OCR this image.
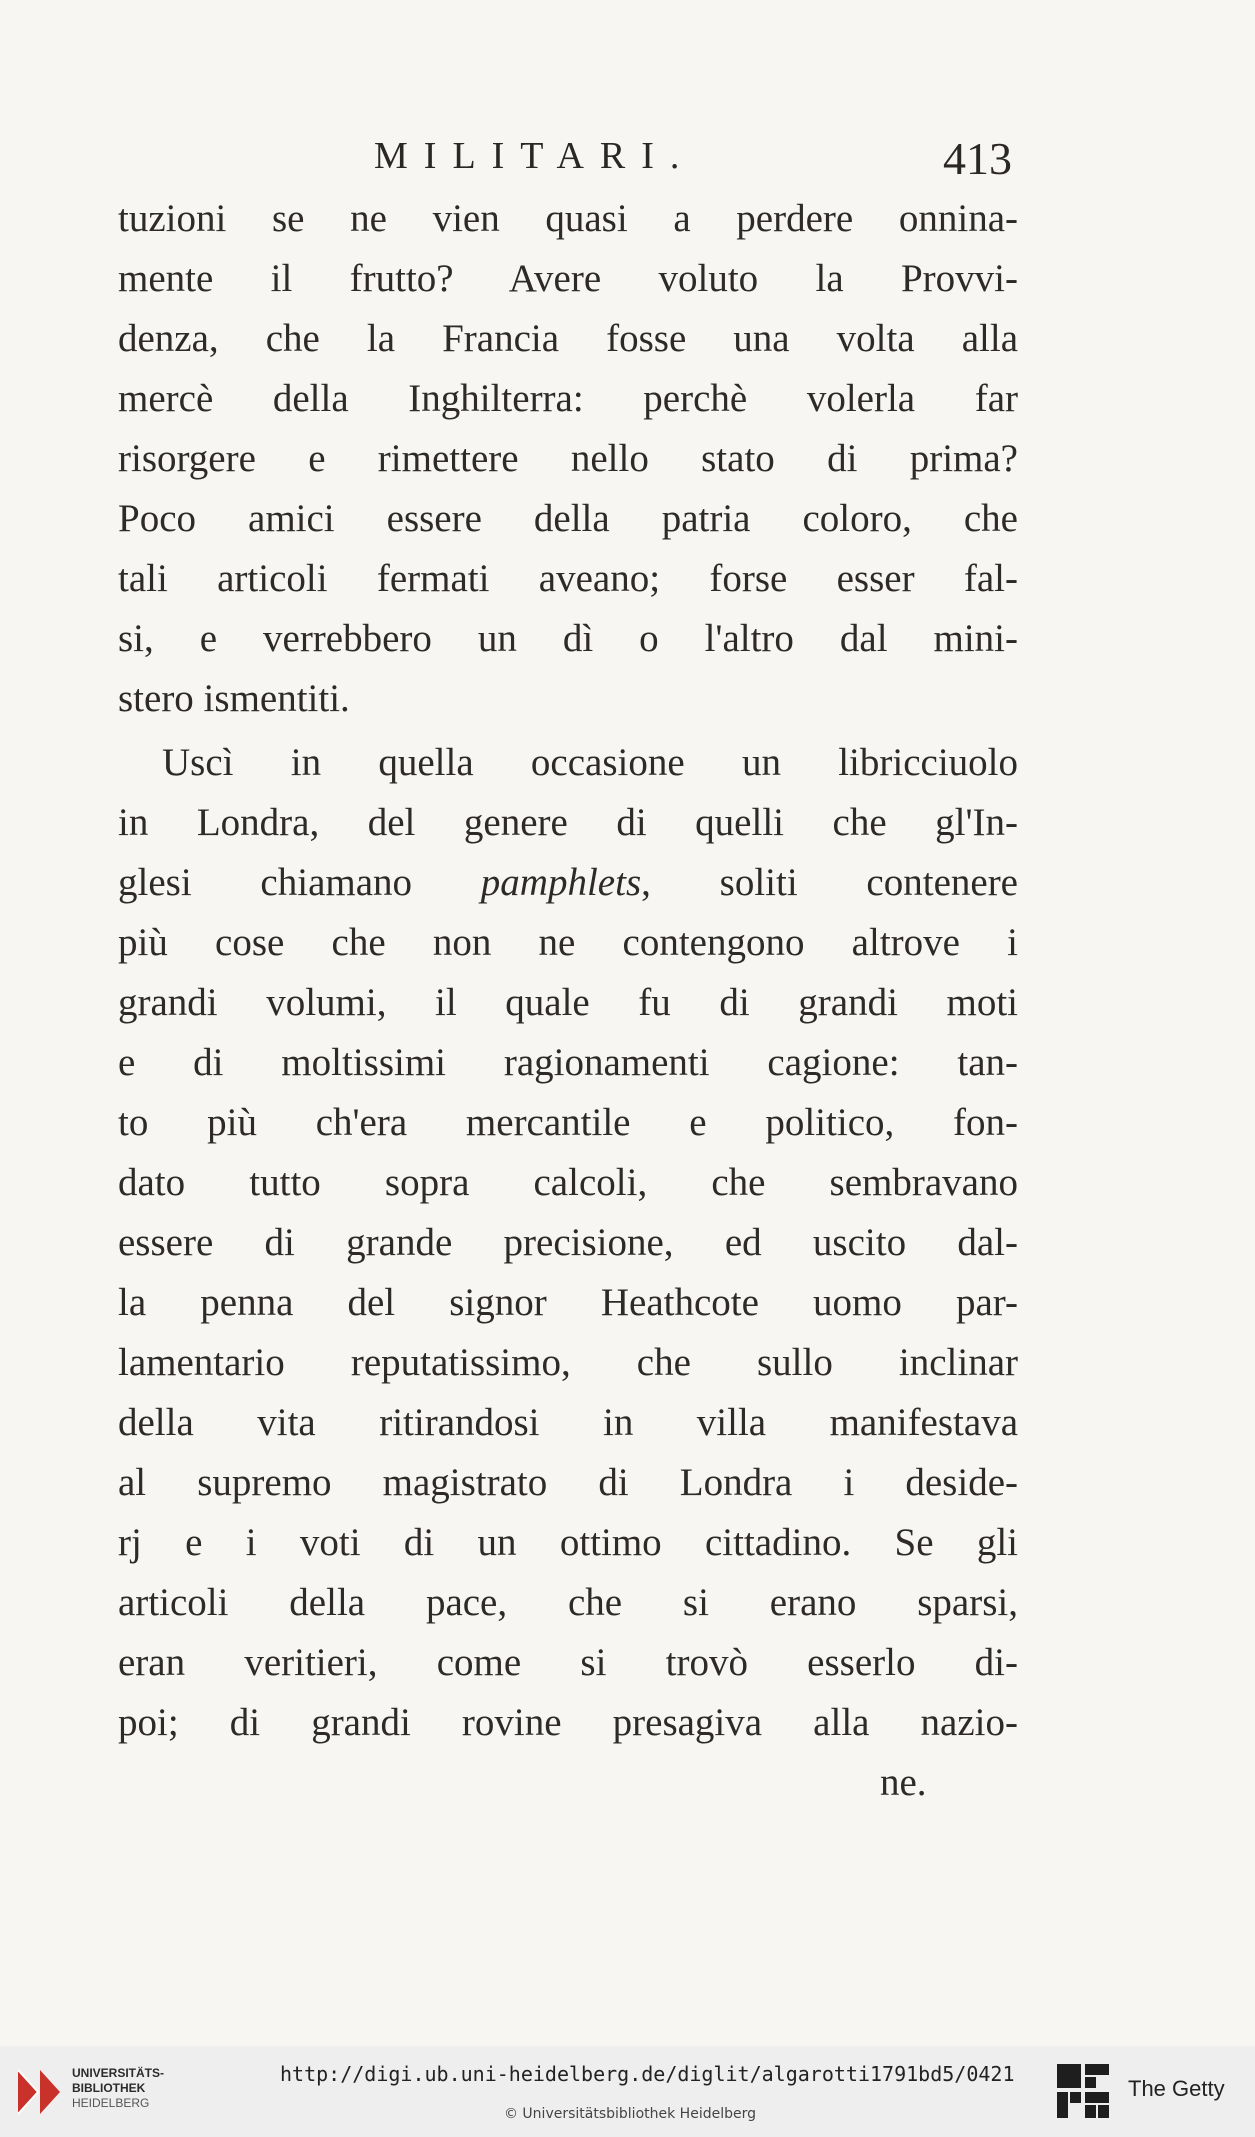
MILITARI.	413
tuzioni se ne vien quasi a perdere onnina-
mente il frutto? Avere voluto la Provvi-
denza, che la Francia fosse una volta alla
mercè della Inghilterra: perchè volerla far
risorgere e rimettere nello stato di prima?
Poco amici essere della patria coloro, che
tali articoli fermati aveano; forse esser fal-
si, e verrebbero un dì o l'altro dal mini-
stero ismentiti.
Uscì in quella occasione un libricciuolo
in Londra, del genere di quelli che gl'In-
glesi chiamano pamphlets, soliti contenere
più cose che non ne contengono altrove i
grandi volumi, il quale fu di grandi moti
e di moltissimi ragionamenti cagione: tan-
to più ch'era mercantile e politico, fon-
dato tutto sopra calcoli, che sembravano
essere di grande precisione, ed uscito dal-
la penna del signor Heathcote uomo par-
lamentario reputatissimo, che sullo inclinar
della vita ritirandosi in villa manifestava
al supremo magistrato di Londra i deside-
rj e i voti di un ottimo cittadino. Se gli
articoli della pace, che si erano sparsi,
eran veritieri, come si trovò esserlo di-
poi; di grandi rovine presagiva alla nazio-
ne.
UNIVERSITÄTS-
BIBLIOTHEK
HEIDELBERG
http://digi.ub.uni-heidelberg.de/diglit/algarotti1791bd5/0421
© Universitätsbibliothek Heidelberg
The Getty
